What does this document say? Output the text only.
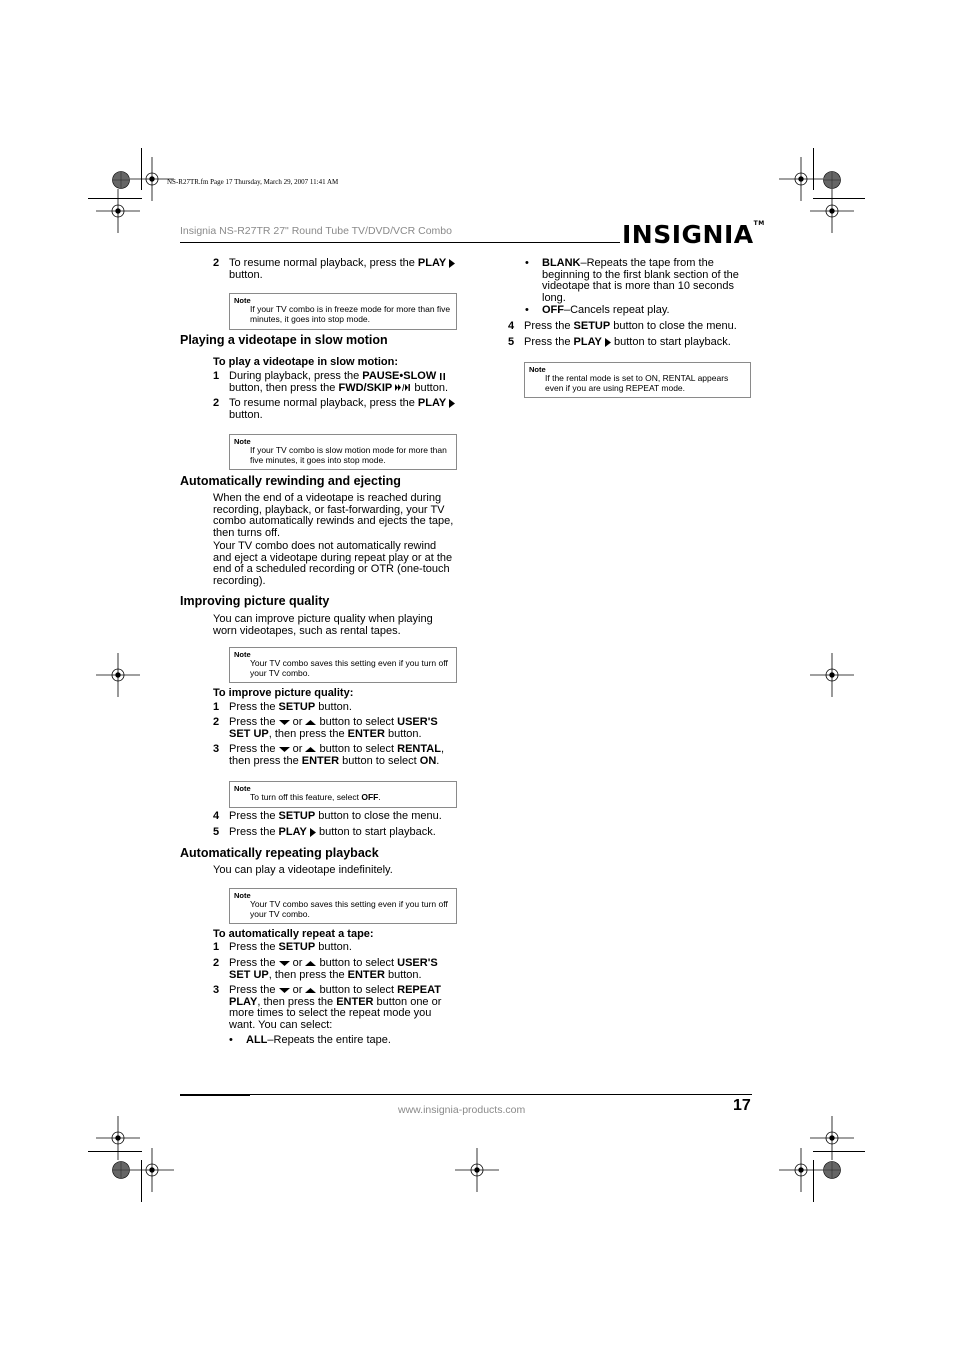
NS-R27TR.fm Page 17 Thursday, March 29, 2007 11:41 AM
Insignia NS-R27TR 27" Round Tube TV/DVD/VCR Combo	INSIGNIA™
2 To resume normal playback, press the PLAY  button.
Note
If your TV combo is in freeze mode for more than five minutes, it goes into stop mode.
Playing a videotape in slow motion
To play a videotape in slow motion:
1 During playback, press the PAUSE•SLOW  button, then press the FWD/SKIP  button.
2 To resume normal playback, press the PLAY  button.
Note
If your TV combo is slow motion mode for more than five minutes, it goes into stop mode.
Automatically rewinding and ejecting

When the end of a videotape is reached during recording, playback, or fast-forwarding, your TV combo automatically rewinds and ejects the tape, then turns off.

Your TV combo does not automatically rewind and eject a videotape during repeat play or at the end of a scheduled recording or OTR (one-touch recording).

Improving picture quality

You can improve picture quality when playing worn videotapes, such as rental tapes.

Note
Your TV combo saves this setting even if you turn off your TV combo.
To improve picture quality:
1 Press the SETUP button.
2 Press the  or  button to select USER'S SET UP, then press the ENTER button.
3 Press the  or  button to select RENTAL, then press the ENTER button to select ON.
Note
To turn off this feature, select OFF.
4 Press the SETUP button to close the menu.
5 Press the PLAY  button to start playback.
Automatically repeating playback

You can play a videotape indefinitely.

Note
Your TV combo saves this setting even if you turn off your TV combo.
To automatically repeat a tape:
1 Press the SETUP button.
2 Press the  or  button to select USER'S SET UP, then press the ENTER button.
3 Press the  or  button to select REPEAT PLAY, then press the ENTER button one or more times to select the repeat mode you want. You can select:
• ALL–Repeats the entire tape.
• BLANK–Repeats the tape from the beginning to the first blank section of the videotape that is more than 10 seconds long.
• OFF–Cancels repeat play.
4 Press the SETUP button to close the menu.
5 Press the PLAY  button to start playback.
Note
If the rental mode is set to ON, RENTAL appears even if you are using REPEAT mode.
www.insignia-products.com	17
